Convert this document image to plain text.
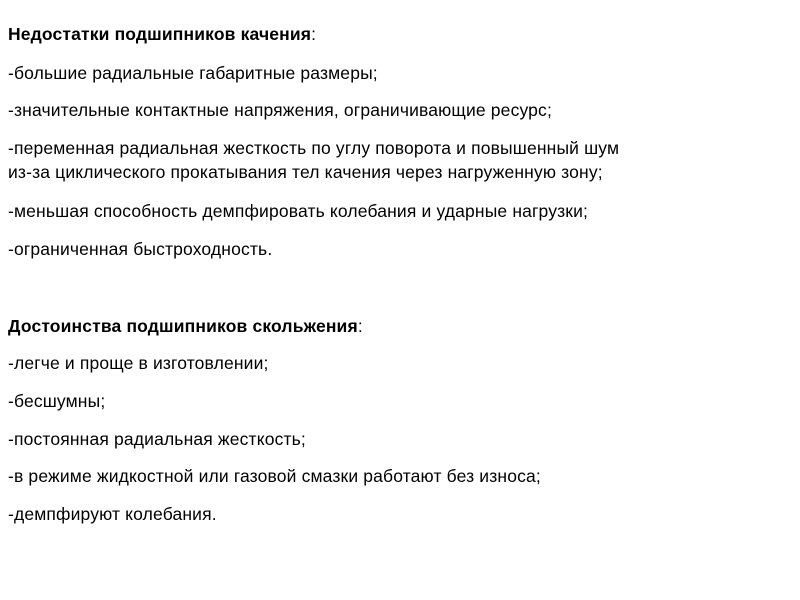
Недостатки подшипников качения:
-большие радиальные габаритные размеры;
-значительные контактные напряжения, ограничивающие ресурс;
-переменная радиальная жесткость по углу поворота и повышенный шум
из-за циклического прокатывания тел качения через нагруженную зону;
-меньшая способность демпфировать колебания и ударные нагрузки;
-ограниченная быстроходность.
Достоинства подшипников скольжения:
-легче и проще в изготовлении;
-бесшумны;
-постоянная радиальная жесткость;
-в режиме жидкостной или газовой смазки работают без износа;
-демпфируют колебания.
